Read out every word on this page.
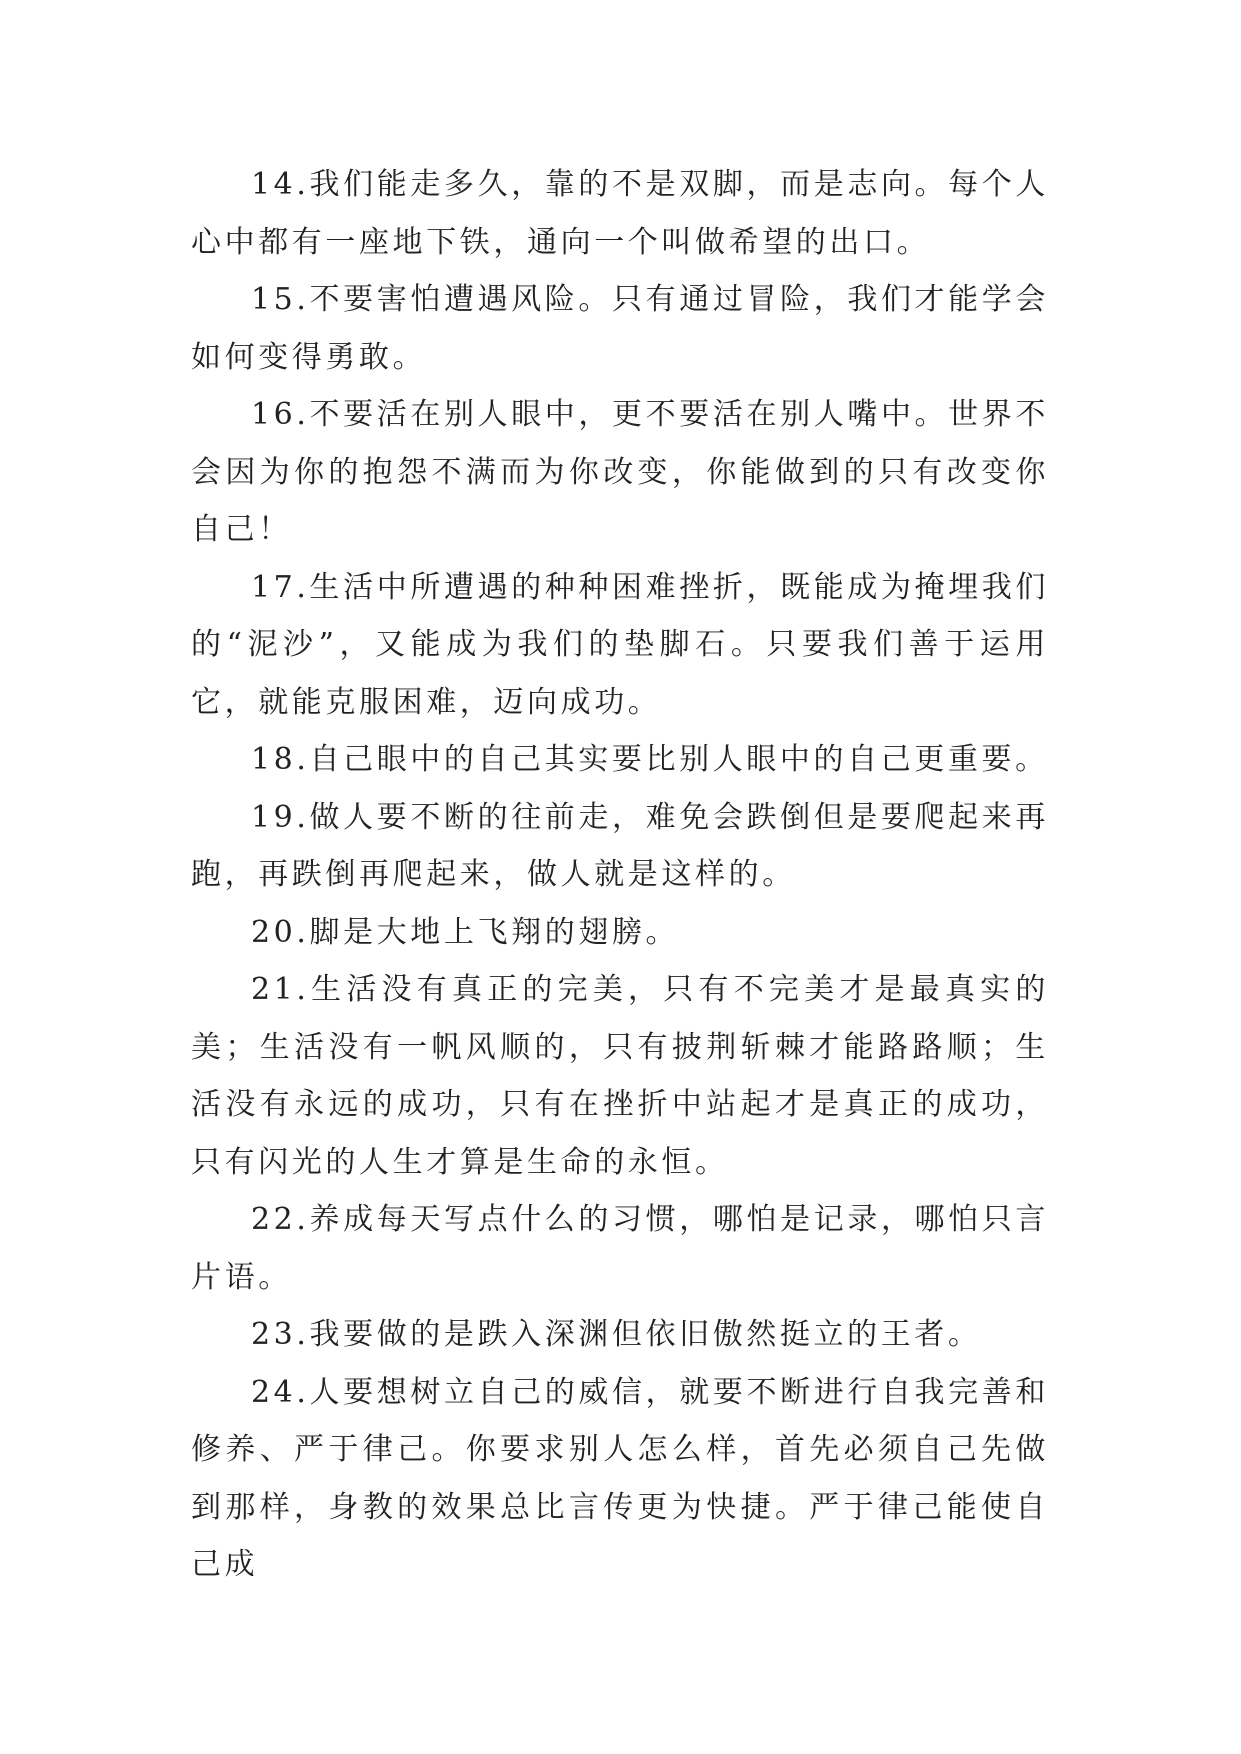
14.我们能走多久，靠的不是双脚，而是志向。每个人心中都有一座地下铁，通向一个叫做希望的出口。

15.不要害怕遭遇风险。只有通过冒险，我们才能学会如何变得勇敢。

16.不要活在别人眼中，更不要活在别人嘴中。世界不会因为你的抱怨不满而为你改变，你能做到的只有改变你自己！

17.生活中所遭遇的种种困难挫折，既能成为掩埋我们的“泥沙”，又能成为我们的垫脚石。只要我们善于运用它，就能克服困难，迈向成功。

18.自己眼中的自己其实要比别人眼中的自己更重要。

19.做人要不断的往前走，难免会跌倒但是要爬起来再跑，再跌倒再爬起来，做人就是这样的。

20.脚是大地上飞翔的翅膀。

21.生活没有真正的完美，只有不完美才是最真实的美；生活没有一帆风顺的，只有披荆斩棘才能路路顺；生活没有永远的成功，只有在挫折中站起才是真正的成功，只有闪光的人生才算是生命的永恒。

22.养成每天写点什么的习惯，哪怕是记录，哪怕只言片语。

23.我要做的是跌入深渊但依旧傲然挺立的王者。

24.人要想树立自己的威信，就要不断进行自我完善和修养、严于律己。你要求别人怎么样，首先必须自己先做到那样，身教的效果总比言传更为快捷。严于律己能使自己成
